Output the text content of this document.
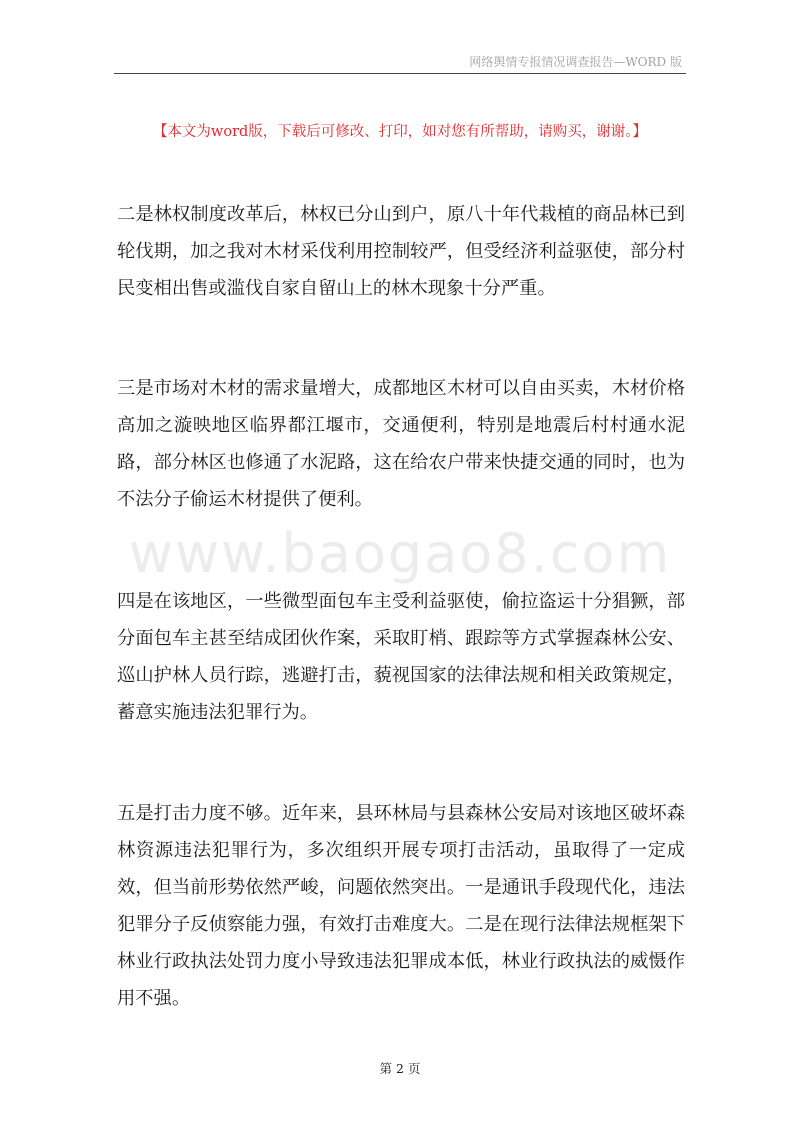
网络舆情专报情况调查报告—WORD 版
【本文为word版，下载后可修改、打印，如对您有所帮助，请购买，谢谢。】

二是林权制度改革后，林权已分山到户，原八十年代栽植的商品林已到轮伐期，加之我对木材采伐利用控制较严，但受经济利益驱使，部分村民变相出售或滥伐自家自留山上的林木现象十分严重。

三是市场对木材的需求量增大，成都地区木材可以自由买卖，木材价格高加之漩映地区临界都江堰市，交通便利，特别是地震后村村通水泥路，部分林区也修通了水泥路，这在给农户带来快捷交通的同时，也为不法分子偷运木材提供了便利。

四是在该地区，一些微型面包车主受利益驱使，偷拉盗运十分猖獗，部分面包车主甚至结成团伙作案，采取盯梢、跟踪等方式掌握森林公安、巡山护林人员行踪，逃避打击，藐视国家的法律法规和相关政策规定，蓄意实施违法犯罪行为。

五是打击力度不够。近年来，县环林局与县森林公安局对该地区破坏森林资源违法犯罪行为，多次组织开展专项打击活动，虽取得了一定成效，但当前形势依然严峻，问题依然突出。一是通讯手段现代化，违法犯罪分子反侦察能力强，有效打击难度大。二是在现行法律法规框架下林业行政执法处罚力度小导致违法犯罪成本低，林业行政执法的威慑作用不强。

www.baogao8.com
第 2 页
